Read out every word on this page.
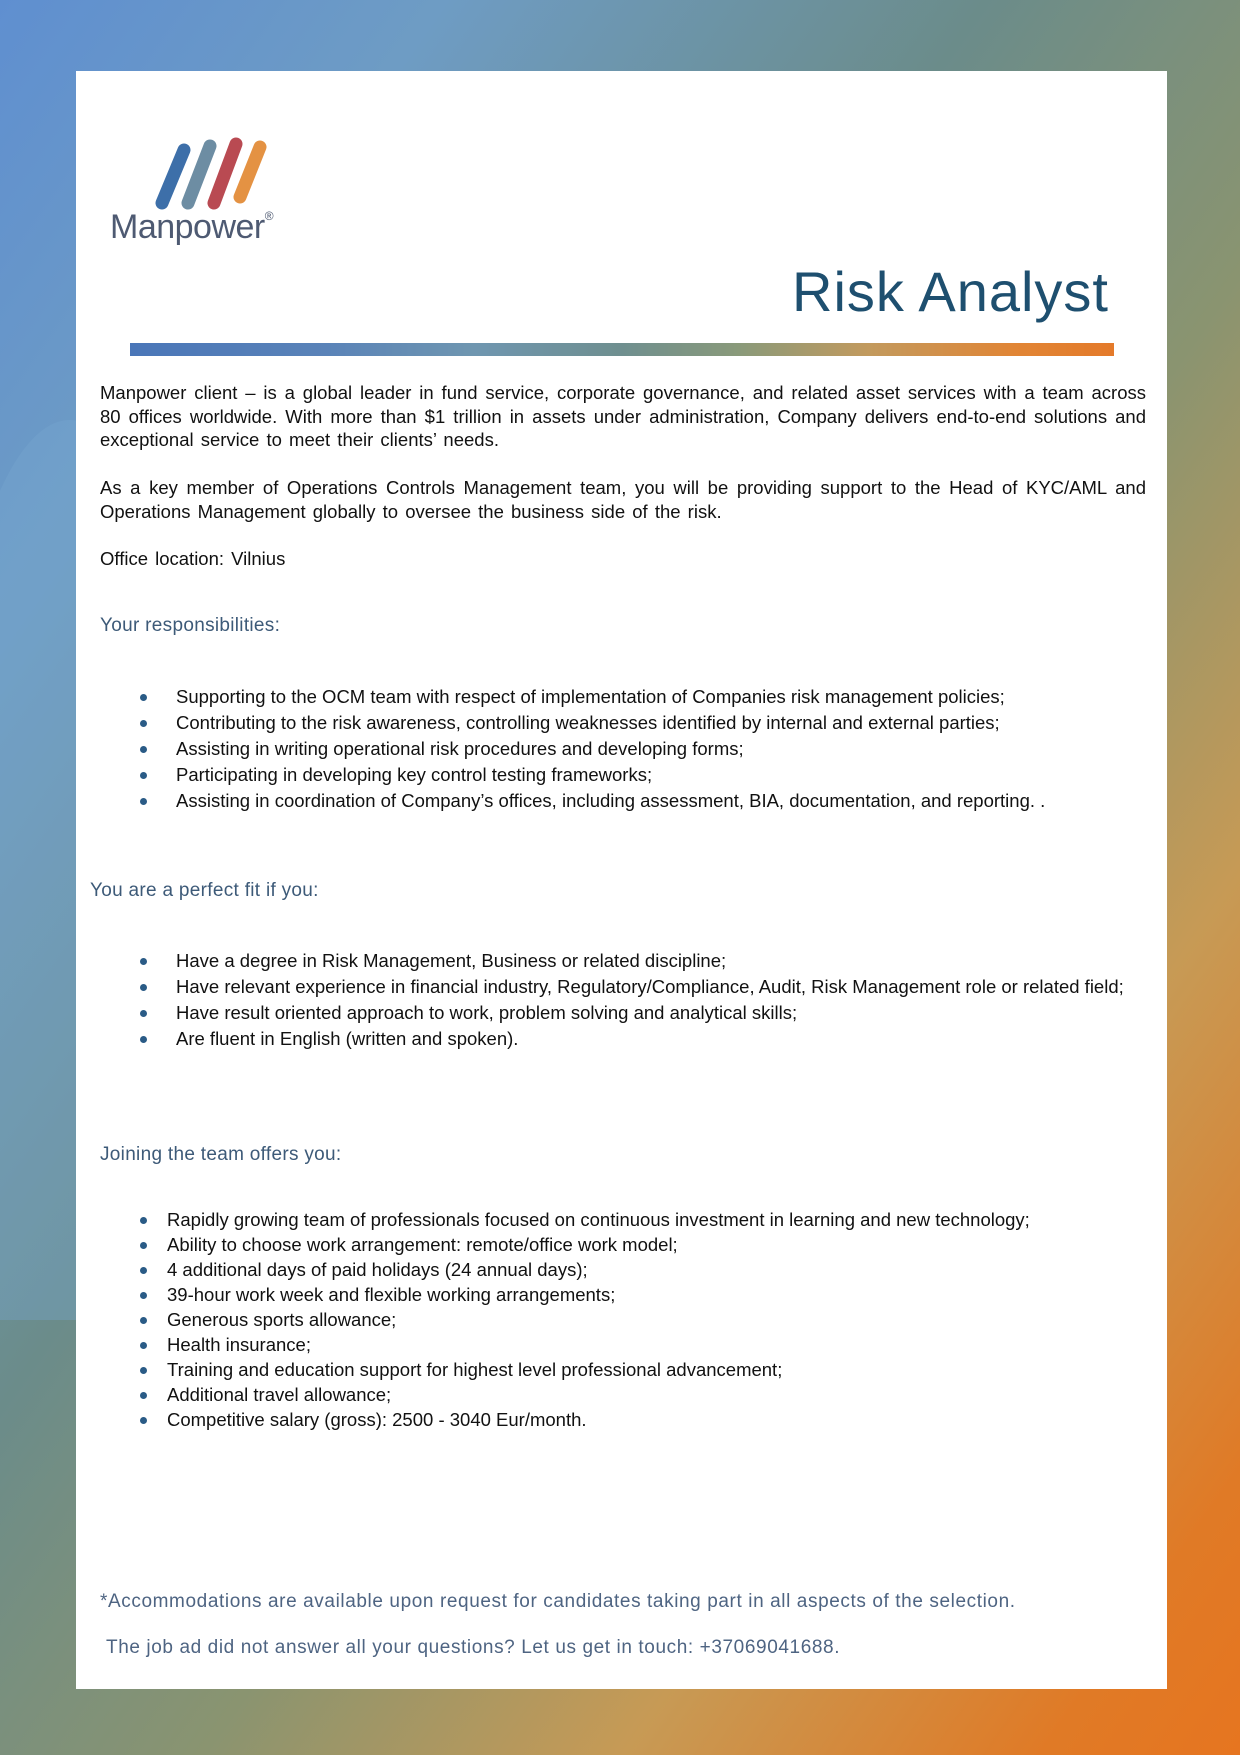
Manpower®
Risk Analyst

Manpower client – is a global leader in fund service, corporate governance, and related asset services with a team across 80 offices worldwide. With more than $1 trillion in assets under administration, Company delivers end-to-end solutions and exceptional service to meet their clients’ needs.

As a key member of Operations Controls Management team, you will be providing support to the Head of KYC/AML and Operations Management globally to oversee the business side of the risk.

Office location: Vilnius

Your responsibilities:
Supporting to the OCM team with respect of implementation of Companies risk management policies;
Contributing to the risk awareness, controlling weaknesses identified by internal and external parties;
Assisting in writing operational risk procedures and developing forms;
Participating in developing key control testing frameworks;
Assisting in coordination of Company’s offices, including assessment, BIA, documentation, and reporting. .
You are a perfect fit if you:
Have a degree in Risk Management, Business or related discipline;
Have relevant experience in financial industry, Regulatory/Compliance, Audit, Risk Management role or related field;
Have result oriented approach to work, problem solving and analytical skills;
Are fluent in English (written and spoken).
Joining the team offers you:
Rapidly growing team of professionals focused on continuous investment in learning and new technology;
Ability to choose work arrangement: remote/office work model;
4 additional days of paid holidays (24 annual days);
39-hour work week and flexible working arrangements;
Generous sports allowance;
Health insurance;
Training and education support for highest level professional advancement;
Additional travel allowance;
Competitive salary (gross): 2500 - 3040 Eur/month.

*Accommodations are available upon request for candidates taking part in all aspects of the selection.

The job ad did not answer all your questions? Let us get in touch: +37069041688.
